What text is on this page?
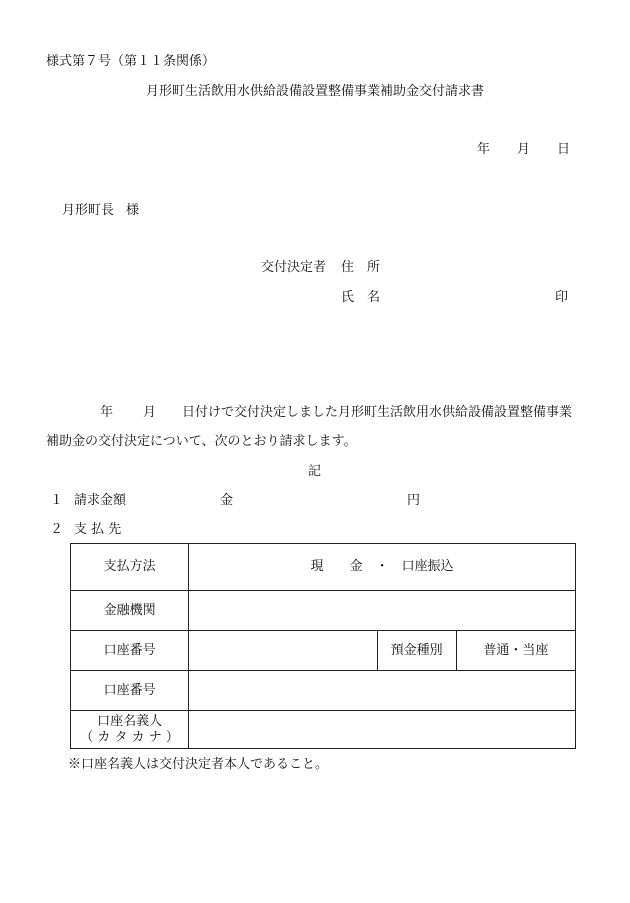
様式第７号（第１１条関係）
月形町生活飲用水供給設備設置整備事業補助金交付請求書
年 月 日
月形町長 様
交付決定者 住　所
氏　名	印
年 月 日付けで交付決定しました月形町生活飲用水供給設備設置整備事業
補助金の交付決定について、次のとおり請求します。
記
１ 請求金額	金	円
２ 支 払 先
支払方法	現　　金　・　口座振込		
金融機関			
口座番号		預金種別	普通・当座
口座番号			

口座名義人
（ カ タ カ ナ ）			

※口座名義人は交付決定者本人であること。
